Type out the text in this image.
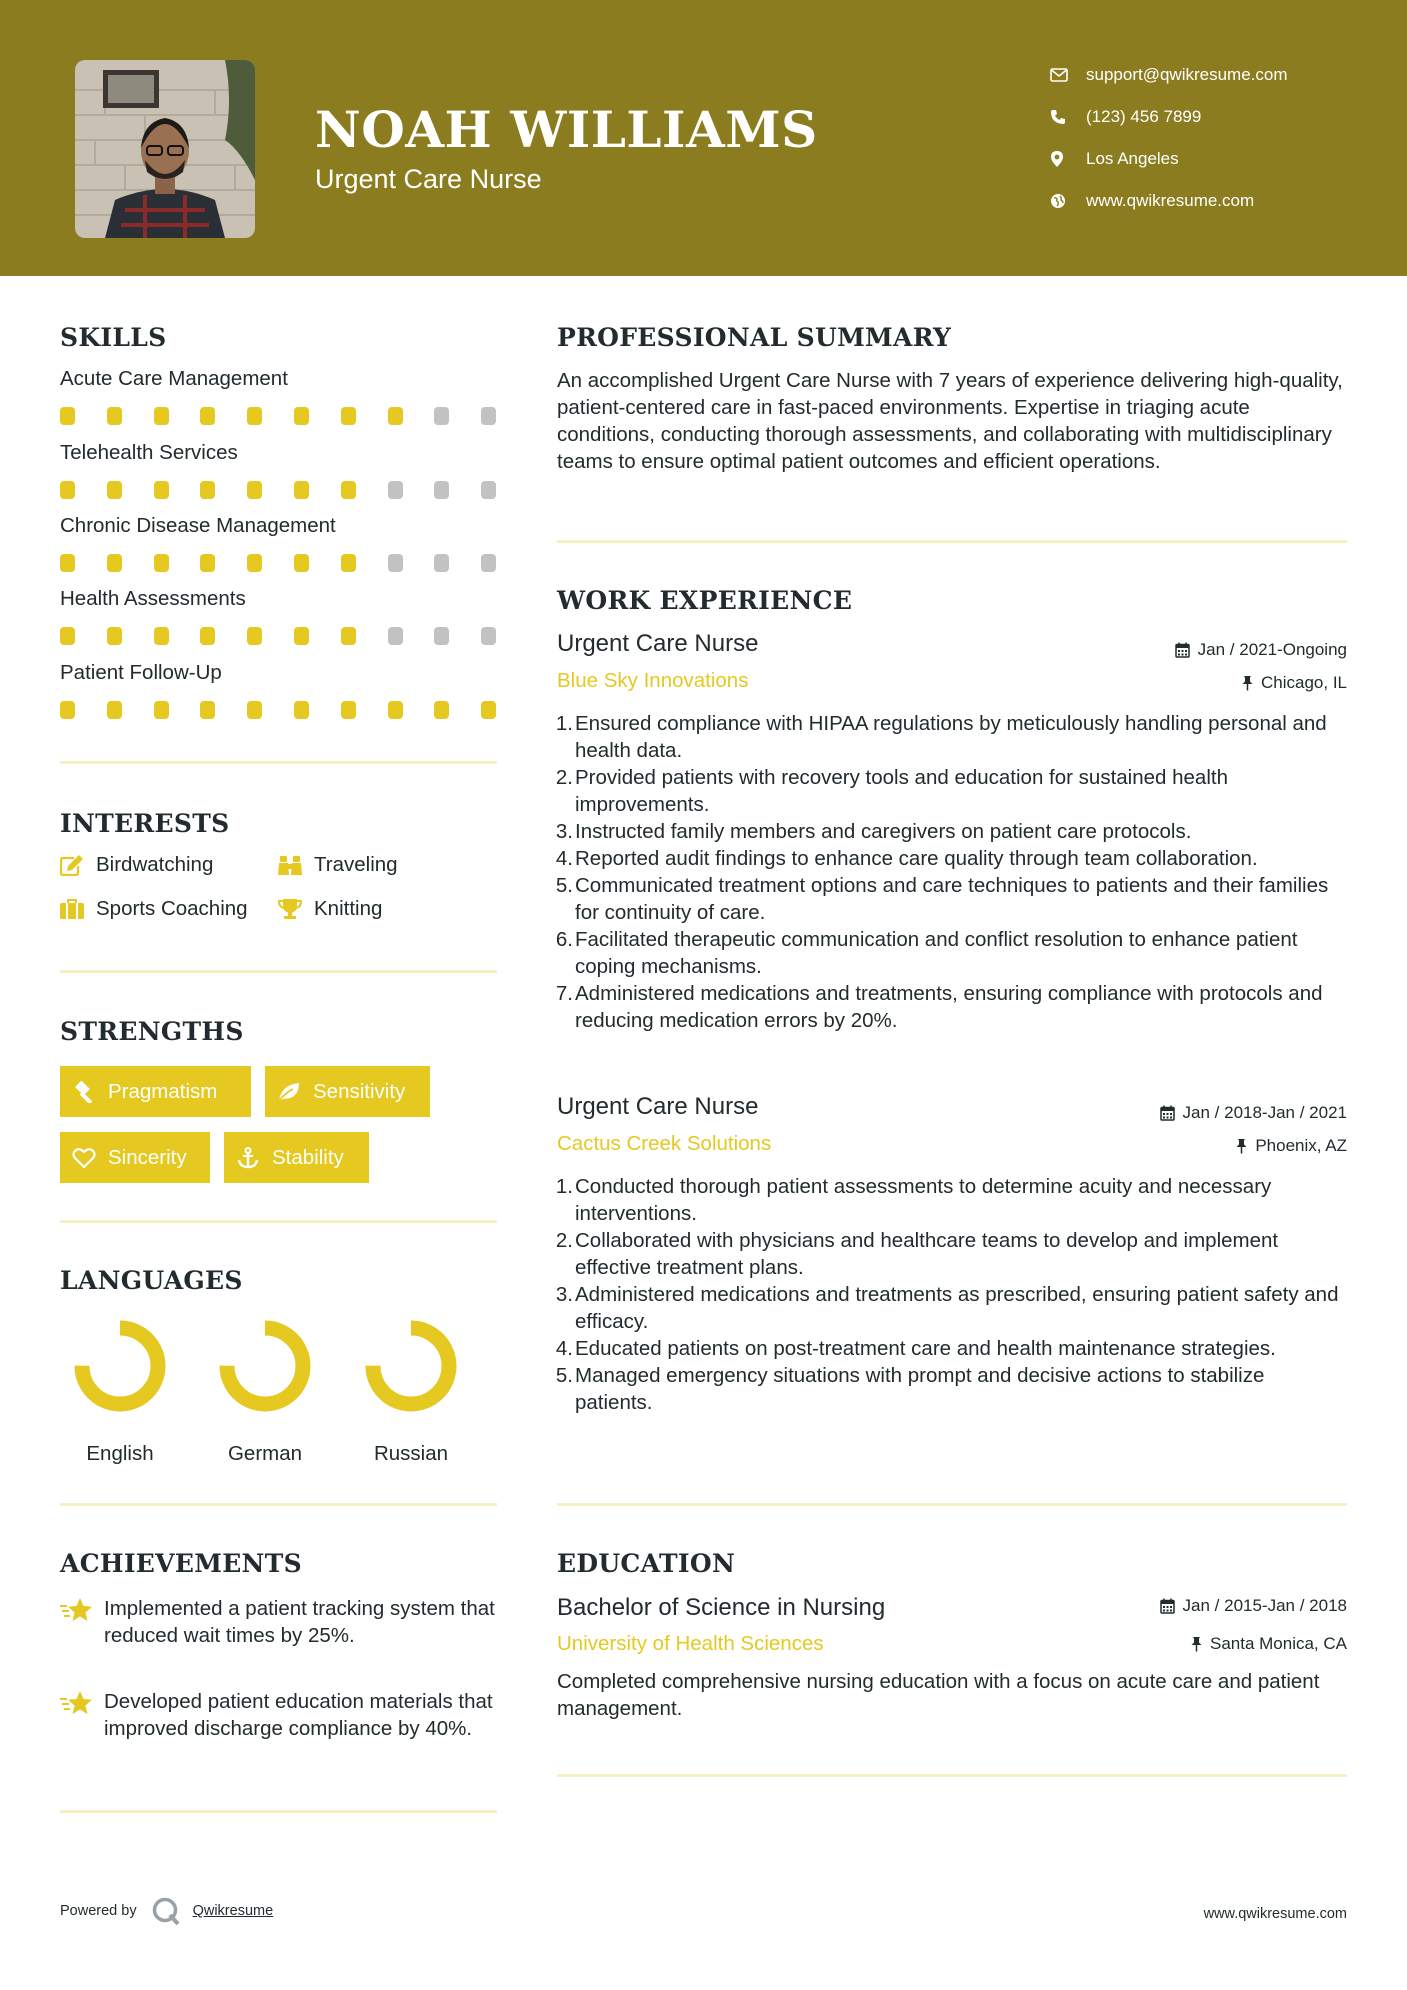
NOAH WILLIAMS
Urgent Care Nurse
support@qwikresume.com
(123) 456 7899
Los Angeles
www.qwikresume.com
SKILLS
Acute Care Management
Telehealth Services
Chronic Disease Management
Health Assessments
Patient Follow-Up
INTERESTS
Birdwatching	Traveling
Sports Coaching	Knitting
STRENGTHS
Pragmatism	Sensitivity
Sincerity	Stability
LANGUAGES
English	German	Russian
ACHIEVEMENTS
Implemented a patient tracking system that reduced wait times by 25%.
Developed patient education materials that improved discharge compliance by 40%.
PROFESSIONAL SUMMARY
An accomplished Urgent Care Nurse with 7 years of experience delivering high-quality, patient-centered care in fast-paced environments. Expertise in triaging acute conditions, conducting thorough assessments, and collaborating with multidisciplinary teams to ensure optimal patient outcomes and efficient operations.
WORK EXPERIENCE
Urgent Care Nurse	Jan / 2021-Ongoing
Blue Sky Innovations	Chicago, IL
1. Ensured compliance with HIPAA regulations by meticulously handling personal and health data.
2. Provided patients with recovery tools and education for sustained health improvements.
3. Instructed family members and caregivers on patient care protocols.
4. Reported audit findings to enhance care quality through team collaboration.
5. Communicated treatment options and care techniques to patients and their families for continuity of care.
6. Facilitated therapeutic communication and conflict resolution to enhance patient coping mechanisms.
7. Administered medications and treatments, ensuring compliance with protocols and reducing medication errors by 20%.
Urgent Care Nurse	Jan / 2018-Jan / 2021
Cactus Creek Solutions	Phoenix, AZ
1. Conducted thorough patient assessments to determine acuity and necessary interventions.
2. Collaborated with physicians and healthcare teams to develop and implement effective treatment plans.
3. Administered medications and treatments as prescribed, ensuring patient safety and efficacy.
4. Educated patients on post-treatment care and health maintenance strategies.
5. Managed emergency situations with prompt and decisive actions to stabilize patients.
EDUCATION
Bachelor of Science in Nursing	Jan / 2015-Jan / 2018
University of Health Sciences	Santa Monica, CA
Completed comprehensive nursing education with a focus on acute care and patient management.
Powered by	Qwikresume	www.qwikresume.com
